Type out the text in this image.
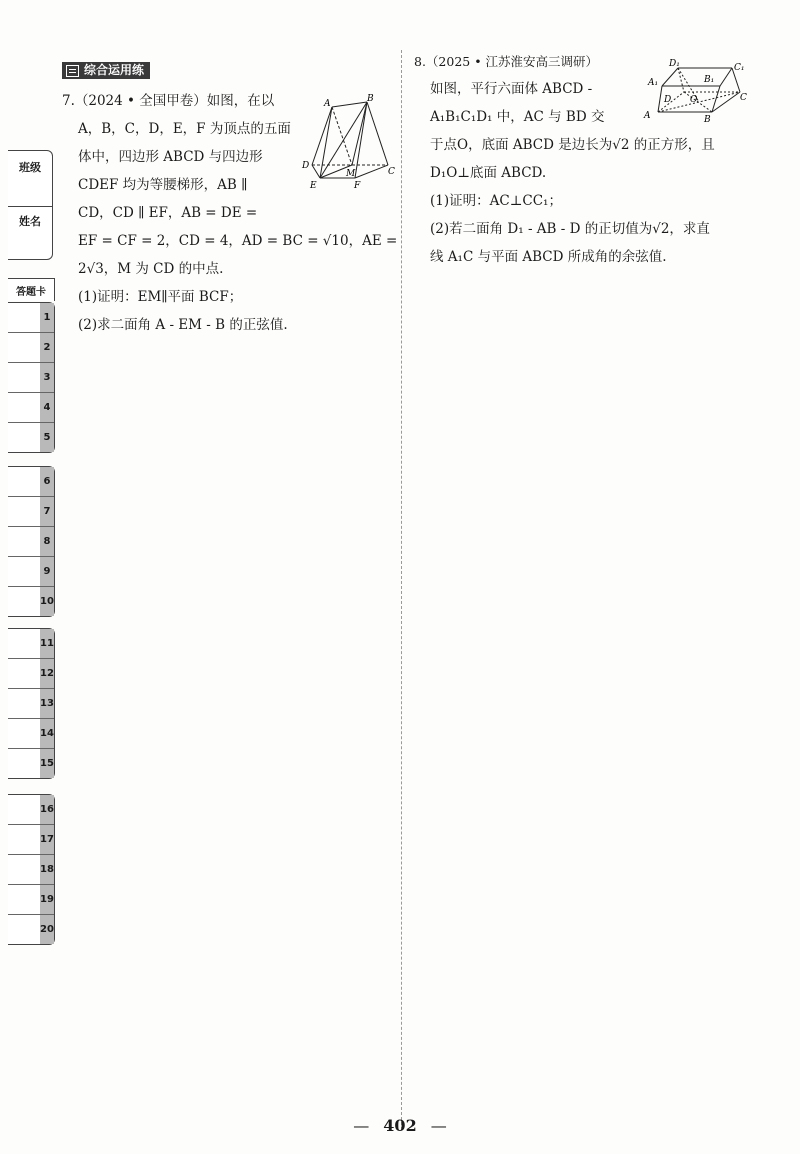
班级
姓名
答题卡
1
2
3
4
5
6
7
8
9
10
11
12
13
14
15
16
17
18
19
20
综合运用练
7.（2024 • 全国甲卷）如图，在以
A，B，C，D，E，F 为顶点的五面
体中，四边形 ABCD 与四边形
CDEF 均为等腰梯形，AB ∥
CD，CD ∥ EF，AB = DE =
EF = CF = 2，CD = 4，AD = BC = √10，AE =
2√3，M 为 CD 的中点.
(1)证明：EM∥平面 BCF；
(2)求二面角 A - EM - B 的正弦值.
A	B
C
D
E	F
M
8.（2025 • 江苏淮安高三调研）
如图，平行六面体 ABCD -
A₁B₁C₁D₁ 中，AC 与 BD 交
于点O，底面 ABCD 是边长为√2 的正方形，且
D₁O⊥底面 ABCD.
(1)证明：AC⊥CC₁；
(2)若二面角 D₁ - AB - D 的正切值为√2，求直
线 A₁C 与平面 ABCD 所成角的余弦值.
D₁	C₁
A₁	B₁
D	C
A	B
O
— 402 —
